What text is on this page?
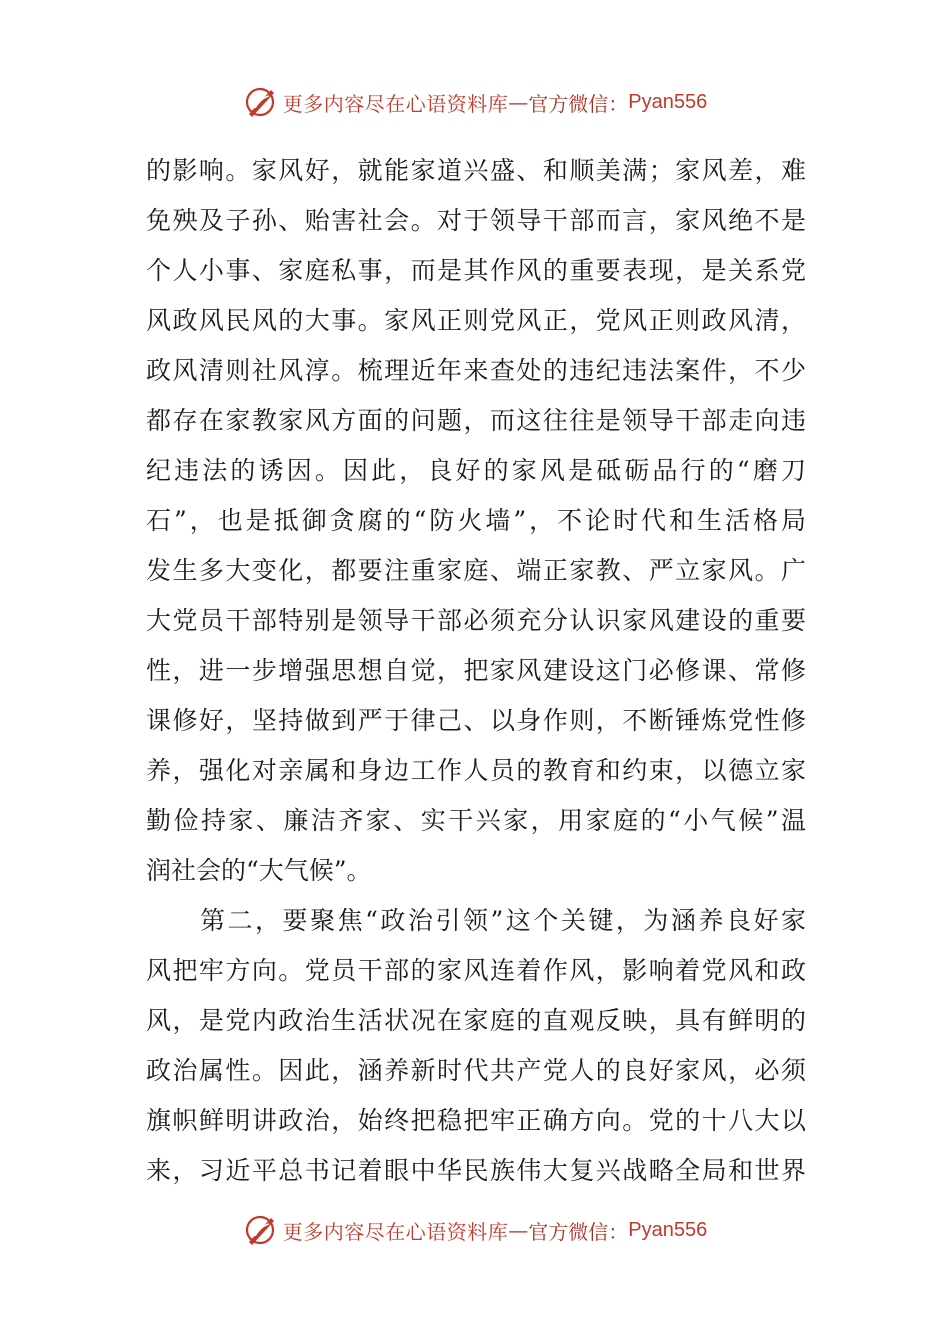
更多内容尽在心语资料库 — 官方微信： Pyan556
的影响。家风好，就能家道兴盛、和顺美满；家风差，难
免殃及子孙、贻害社会。对于领导干部而言，家风绝不是
个人小事、家庭私事，而是其作风的重要表现，是关系党
风政风民风的大事。家风正则党风正，党风正则政风清，
政风清则社风淳。梳理近年来查处的违纪违法案件，不少
都存在家教家风方面的问题，而这往往是领导干部走向违
纪违法的诱因。因此，良好的家风是砥砺品行的“磨刀
石”，也是抵御贪腐的“防火墙”，不论时代和生活格局
发生多大变化，都要注重家庭、端正家教、严立家风。广
大党员干部特别是领导干部必须充分认识家风建设的重要
性，进一步增强思想自觉，把家风建设这门必修课、常修
课修好，坚持做到严于律己、以身作则，不断锤炼党性修
养，强化对亲属和身边工作人员的教育和约束，以德立家
勤俭持家、廉洁齐家、实干兴家，用家庭的“小气候”温
润社会的“大气候”。
第二，要聚焦“政治引领”这个关键，为涵养良好家
风把牢方向。党员干部的家风连着作风，影响着党风和政
风，是党内政治生活状况在家庭的直观反映，具有鲜明的
政治属性。因此，涵养新时代共产党人的良好家风，必须
旗帜鲜明讲政治，始终把稳把牢正确方向。党的十八大以
来，习近平总书记着眼中华民族伟大复兴战略全局和世界
更多内容尽在心语资料库 — 官方微信： Pyan556
